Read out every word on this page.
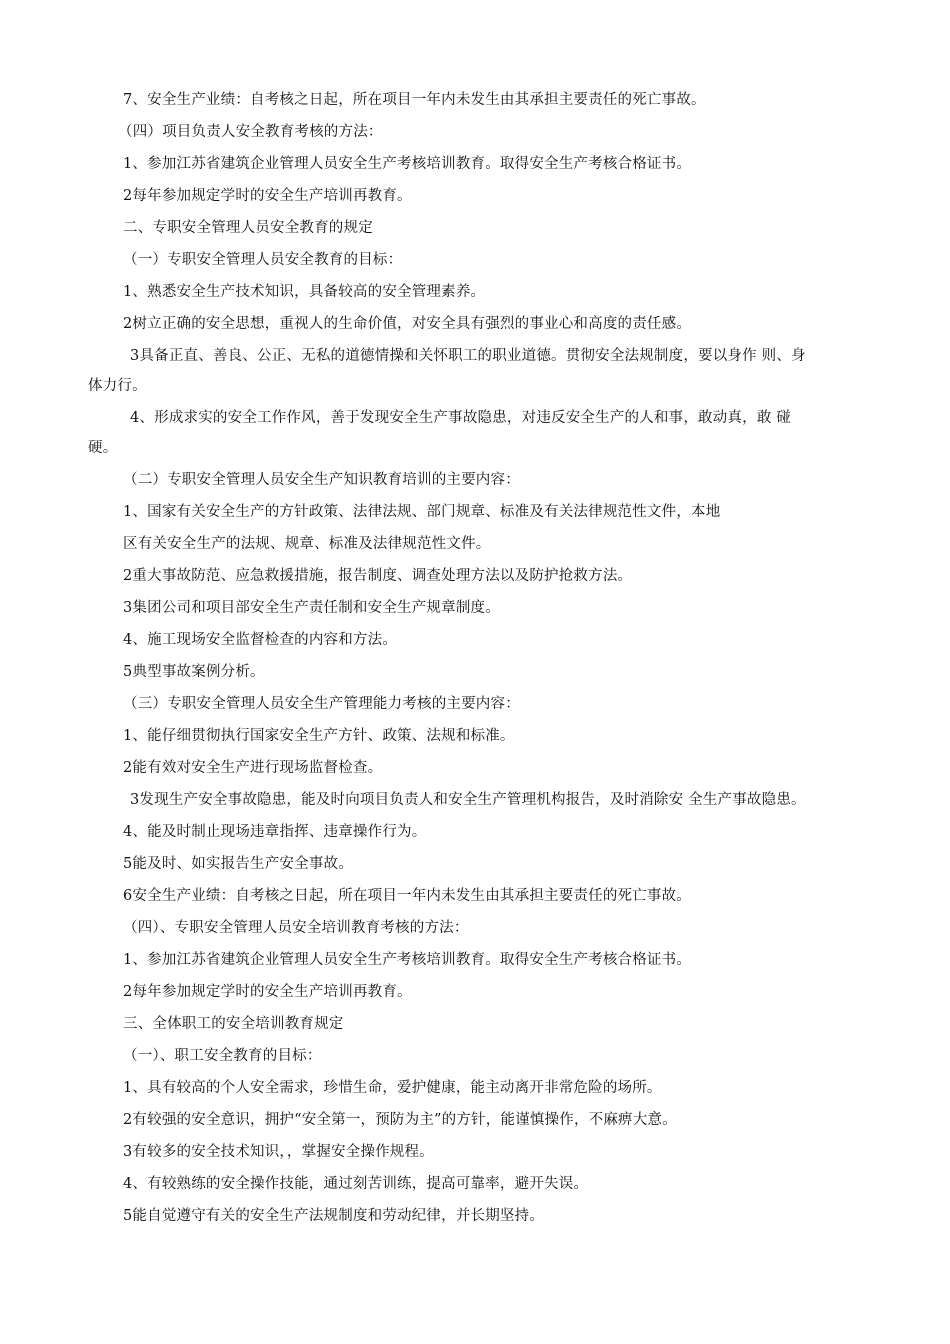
7、安全生产业绩：自考核之日起，所在项目一年内未发生由其承担主要责任的死亡事故。
（四）项目负责人安全教育考核的方法：
1、参加江苏省建筑企业管理人员安全生产考核培训教育。取得安全生产考核合格证书。
2每年参加规定学时的安全生产培训再教育。
二、专职安全管理人员安全教育的规定
（一）专职安全管理人员安全教育的目标：
1、熟悉安全生产技术知识，具备较高的安全管理素养。
2树立正确的安全思想，重视人的生命价值，对安全具有强烈的事业心和高度的责任感。
3具备正直、善良、公正、无私的道德情操和关怀职工的职业道德。贯彻安全法规制度，要以身作 则、身
体力行。
4、形成求实的安全工作作风，善于发现安全生产事故隐患，对违反安全生产的人和事，敢动真，敢 碰
硬。
（二）专职安全管理人员安全生产知识教育培训的主要内容：
1、国家有关安全生产的方针政策、法律法规、部门规章、标准及有关法律规范性文件，本地
区有关安全生产的法规、规章、标准及法律规范性文件。
2重大事故防范、应急救援措施，报告制度、调查处理方法以及防护抢救方法。
3集团公司和项目部安全生产责任制和安全生产规章制度。
4、施工现场安全监督检查的内容和方法。
5典型事故案例分析。
（三）专职安全管理人员安全生产管理能力考核的主要内容：
1、能仔细贯彻执行国家安全生产方针、政策、法规和标准。
2能有效对安全生产进行现场监督检查。
3发现生产安全事故隐患，能及时向项目负责人和安全生产管理机构报告，及时消除安 全生产事故隐患。
4、能及时制止现场违章指挥、违章操作行为。
5能及时、如实报告生产安全事故。
6安全生产业绩：自考核之日起，所在项目一年内未发生由其承担主要责任的死亡事故。
（四）、专职安全管理人员安全培训教育考核的方法：
1、参加江苏省建筑企业管理人员安全生产考核培训教育。取得安全生产考核合格证书。
2每年参加规定学时的安全生产培训再教育。
三、全体职工的安全培训教育规定
（一）、职工安全教育的目标：
1、具有较高的个人安全需求，珍惜生命，爱护健康，能主动离开非常危险的场所。
2有较强的安全意识，拥护“安全第一，预防为主”的方针，能谨慎操作，不麻痹大意。
3有较多的安全技术知识，，掌握安全操作规程。
4、有较熟练的安全操作技能，通过刻苦训练，提高可靠率，避开失误。
5能自觉遵守有关的安全生产法规制度和劳动纪律，并长期坚持。
